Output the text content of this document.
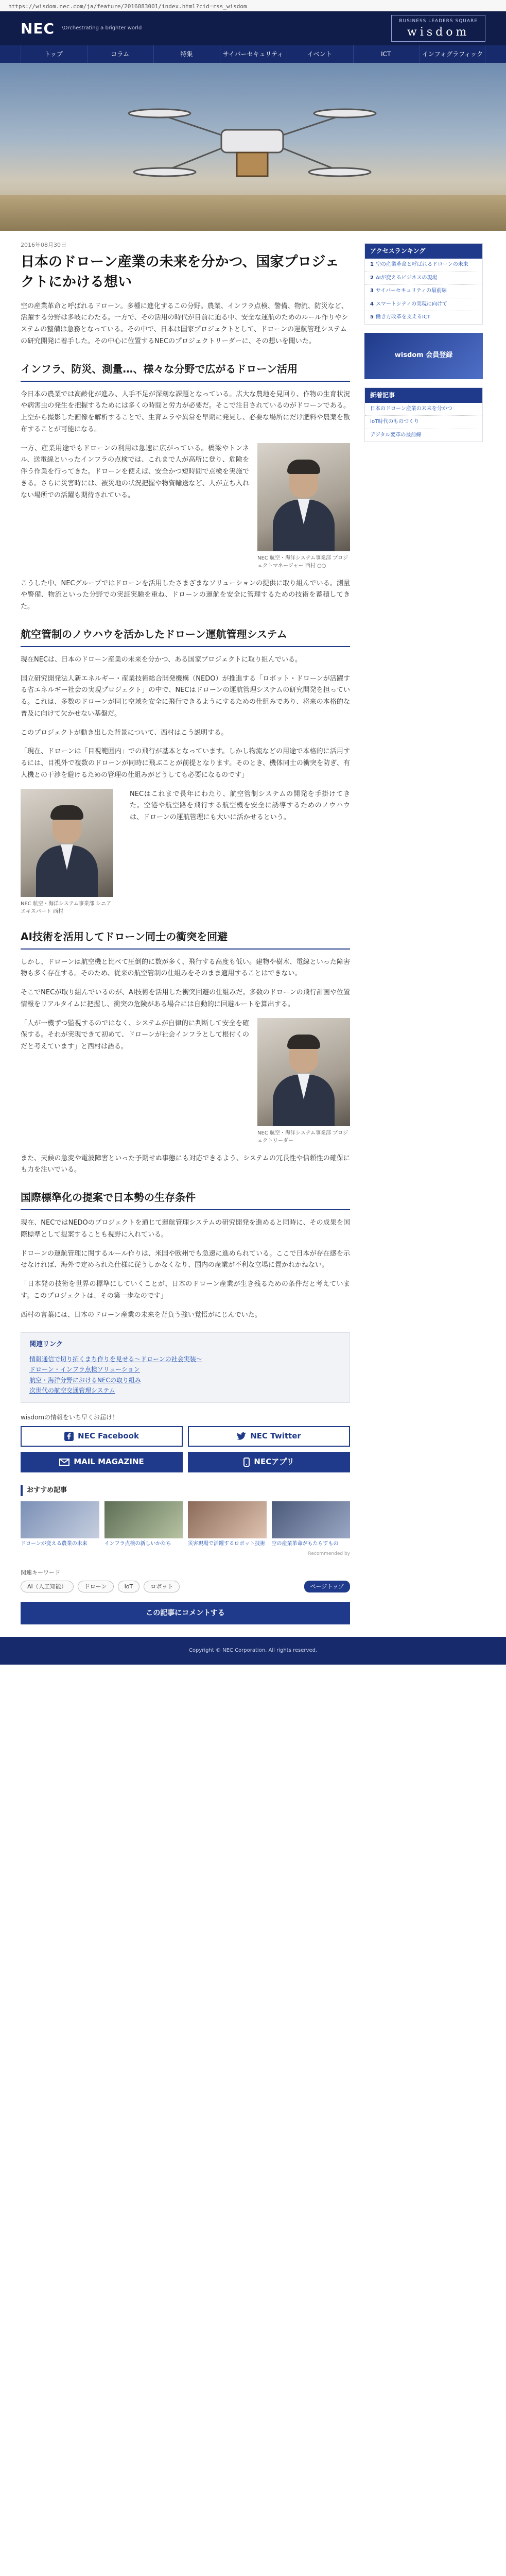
https://wisdom.nec.com/ja/feature/2016083001/index.html?cid=rss_wisdom
NEC \Orchestrating a brighter world
BUSINESS LEADERS SQUARE
wisdom
トップ	コラム	特集	サイバーセキュリティ	イベント	ICT	インフォグラフィック
2016年08月30日
日本のドローン産業の未来を分かつ、国家プロジェクトにかける想い

空の産業革命と呼ばれるドローン。多種に進化するこの分野。農業、インフラ点検、警備、物流、防災など、活躍する分野は多岐にわたる。一方で、その活用の時代が目前に迫る中、安全な運航のためのルール作りやシステムの整備は急務となっている。その中で、日本は国家プロジェクトとして、ドローンの運航管理システムの研究開発に着手した。その中心に位置するNECのプロジェクトリーダーに、その想いを聞いた。

インフラ、防災、測量…、様々な分野で広がるドローン活用

今日本の農業では高齢化が進み、人手不足が深刻な課題となっている。広大な農地を見回り、作物の生育状況や病害虫の発生を把握するためには多くの時間と労力が必要だ。そこで注目されているのがドローンである。上空から撮影した画像を解析することで、生育ムラや異常を早期に発見し、必要な場所にだけ肥料や農薬を散布することが可能になる。

一方、産業用途でもドローンの利用は急速に広がっている。橋梁やトンネル、送電線といったインフラの点検では、これまで人が高所に登り、危険を伴う作業を行ってきた。ドローンを使えば、安全かつ短時間で点検を実施できる。さらに災害時には、被災地の状況把握や物資輸送など、人が立ち入れない場所での活躍も期待されている。

NEC 航空・海洋システム事業部 プロジェクトマネージャー 西村 ○○

こうした中、NECグループではドローンを活用したさまざまなソリューションの提供に取り組んでいる。測量や警備、物流といった分野での実証実験を重ね、ドローンの運航を安全に管理するための技術を蓄積してきた。

航空管制のノウハウを活かしたドローン運航管理システム

現在NECは、日本のドローン産業の未来を分かつ、ある国家プロジェクトに取り組んでいる。

国立研究開発法人新エネルギー・産業技術総合開発機構（NEDO）が推進する「ロボット・ドローンが活躍する省エネルギー社会の実現プロジェクト」の中で、NECはドローンの運航管理システムの研究開発を担っている。これは、多数のドローンが同じ空域を安全に飛行できるようにするための仕組みであり、将来の本格的な普及に向けて欠かせない基盤だ。

このプロジェクトが動き出した背景について、西村はこう説明する。

「現在、ドローンは「目視範囲内」での飛行が基本となっています。しかし物流などの用途で本格的に活用するには、目視外で複数のドローンが同時に飛ぶことが前提となります。そのとき、機体同士の衝突を防ぎ、有人機との干渉を避けるための管理の仕組みがどうしても必要になるのです」

NEC 航空・海洋システム事業部 シニアエキスパート 西村

NECはこれまで長年にわたり、航空管制システムの開発を手掛けてきた。空港や航空路を飛行する航空機を安全に誘導するためのノウハウは、ドローンの運航管理にも大いに活かせるという。

AI技術を活用してドローン同士の衝突を回避

しかし、ドローンは航空機と比べて圧倒的に数が多く、飛行する高度も低い。建物や樹木、電線といった障害物も多く存在する。そのため、従来の航空管制の仕組みをそのまま適用することはできない。

そこでNECが取り組んでいるのが、AI技術を活用した衝突回避の仕組みだ。多数のドローンの飛行計画や位置情報をリアルタイムに把握し、衝突の危険がある場合には自動的に回避ルートを算出する。

「人が一機ずつ監視するのではなく、システムが自律的に判断して安全を確保する。それが実現できて初めて、ドローンが社会インフラとして根付くのだと考えています」と西村は語る。

NEC 航空・海洋システム事業部 プロジェクトリーダー

また、天候の急変や電波障害といった予期せぬ事態にも対応できるよう、システムの冗長性や信頼性の確保にも力を注いでいる。

国際標準化の提案で日本勢の生存条件

現在、NECではNEDOのプロジェクトを通じて運航管理システムの研究開発を進めると同時に、その成果を国際標準として提案することも視野に入れている。

ドローンの運航管理に関するルール作りは、米国や欧州でも急速に進められている。ここで日本が存在感を示せなければ、海外で定められた仕様に従うしかなくなり、国内の産業が不利な立場に置かれかねない。

「日本発の技術を世界の標準にしていくことが、日本のドローン産業が生き残るための条件だと考えています。このプロジェクトは、その第一歩なのです」

西村の言葉には、日本のドローン産業の未来を背負う強い覚悟がにじんでいた。

関連リンク
情報通信で切り拓くまち作りを見せる〜ドローンの社会実装〜
ドローン・インフラ点検ソリューション
航空・海洋分野におけるNECの取り組み
次世代の航空交通管理システム
wisdomの情報をいち早くお届け！
NEC Facebook	NEC Twitter
MAIL MAGAZINE	NECアプリ
おすすめ記事
ドローンが変える農業の未来	インフラ点検の新しいかたち	災害現場で活躍するロボット技術 空の産業革命がもたらすもの
Recommended by
関連キーワード
AI（人工知能）	ドローン	IoT	ロボット	ページトップ
この記事にコメントする
アクセスランキング
1 空の産業革命と呼ばれるドローンの未来
2 AIが変えるビジネスの現場
3 サイバーセキュリティの最前線
4 スマートシティの実現に向けて
5 働き方改革を支えるICT
wisdom 会員登録
新着記事
日本のドローン産業の未来を分かつ
IoT時代のものづくり
デジタル変革の最前線
Copyright © NEC Corporation. All rights reserved.
